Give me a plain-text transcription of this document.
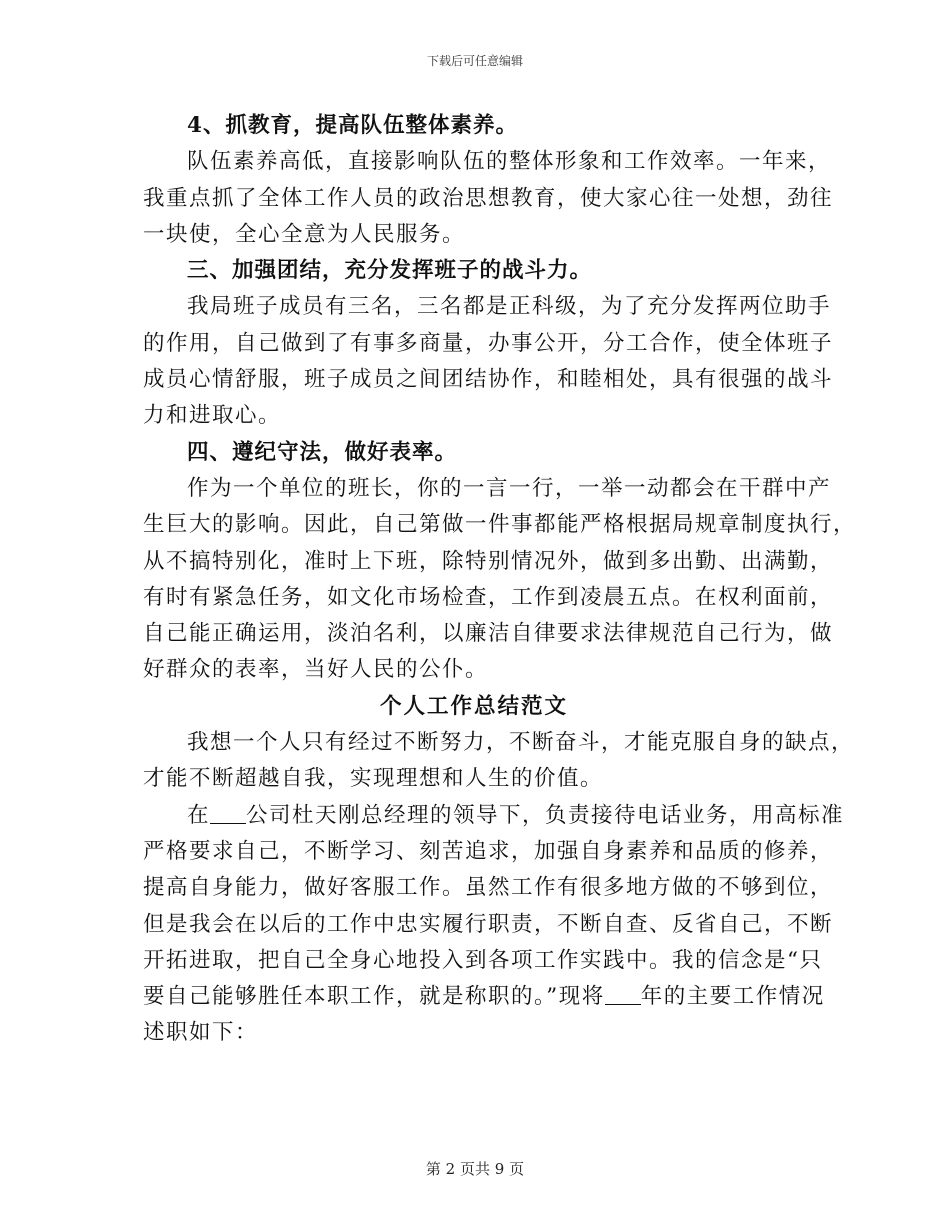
下载后可任意编辑
4、抓教育，提高队伍整体素养。
队伍素养高低，直接影响队伍的整体形象和工作效率。一年来，
我重点抓了全体工作人员的政治思想教育，使大家心往一处想，劲往
一块使，全心全意为人民服务。
三、加强团结，充分发挥班子的战斗力。
我局班子成员有三名，三名都是正科级，为了充分发挥两位助手
的作用，自己做到了有事多商量，办事公开，分工合作，使全体班子
成员心情舒服，班子成员之间团结协作，和睦相处，具有很强的战斗
力和进取心。
四、遵纪守法，做好表率。
作为一个单位的班长，你的一言一行，一举一动都会在干群中产
生巨大的影响。因此，自己第做一件事都能严格根据局规章制度执行，
从不搞特别化，准时上下班，除特别情况外，做到多出勤、出满勤，
有时有紧急任务，如文化市场检查，工作到凌晨五点。在权利面前，
自己能正确运用，淡泊名利，以廉洁自律要求法律规范自己行为，做
好群众的表率，当好人民的公仆。
个人工作总结范文
我想一个人只有经过不断努力，不断奋斗，才能克服自身的缺点，
才能不断超越自我，实现理想和人生的价值。
在 公司杜天刚总经理的领导下，负责接待电话业务，用高标准
严格要求自己，不断学习、刻苦追求，加强自身素养和品质的修养，
提高自身能力，做好客服工作。虽然工作有很多地方做的不够到位，
但是我会在以后的工作中忠实履行职责，不断自查、反省自己，不断
开拓进取，把自己全身心地投入到各项工作实践中。我的信念是“只
要自己能够胜任本职工作，就是称职的。”现将 年的主要工作情况
述职如下：
第 2 页共 9 页
